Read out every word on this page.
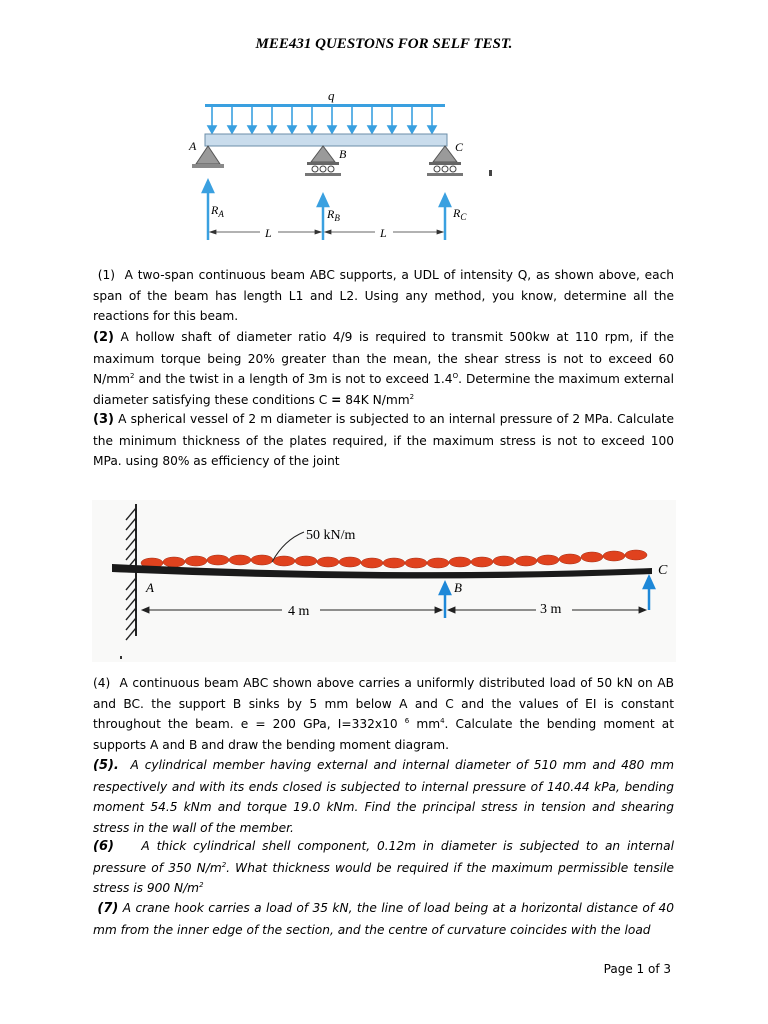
MEE431 QUESTONS FOR SELF TEST.
q
A
B	C
$R_A$	$R_B$	$R_C$
L	L

(1) A two-span continuous beam ABC supports, a UDL of intensity Q, as shown above, each span of the beam has length L1 and L2. Using any method, you know, determine all the reactions for this beam.

(2) A hollow shaft of diameter ratio 4/9 is required to transmit 500kw at 110 rpm, if the maximum torque being 20% greater than the mean, the shear stress is not to exceed 60 $N/mm^2$ and the twist in a length of 3m is not to exceed $1.4^O$. Determine the maximum external diameter satisfying these conditions C = 84K $N/mm^2$

(3) A spherical vessel of 2 m diameter is subjected to an internal pressure of 2 MPa. Calculate the minimum thickness of the plates required, if the maximum stress is not to exceed 100 MPa. using 80% as efficiency of the joint

50 kN/m
A	B
C
4 m	3 m

(4) A continuous beam ABC shown above carries a uniformly distributed load of 50 kN on AB and BC. the support B sinks by 5 mm below A and C and the values of EI is constant throughout the beam. e = 200 GPa, I=332x10 $^6$ $mm^4$. Calculate the bending moment at supports A and B and draw the bending moment diagram.

(5). A cylindrical member having external and internal diameter of 510 mm and 480 mm respectively and with its ends closed is subjected to internal pressure of 140.44 kPa, bending moment 54.5 kNm and torque 19.0 kNm. Find the principal stress in tension and shearing stress in the wall of the member.

(6) A thick cylindrical shell component, 0.12m in diameter is subjected to an internal pressure of 350 $N/m^2$. What thickness would be required if the maximum permissible tensile stress is 900 $N/m^2$

(7) A crane hook carries a load of 35 kN, the line of load being at a horizontal distance of 40 mm from the inner edge of the section, and the centre of curvature coincides with the load

Page 1 of 3
